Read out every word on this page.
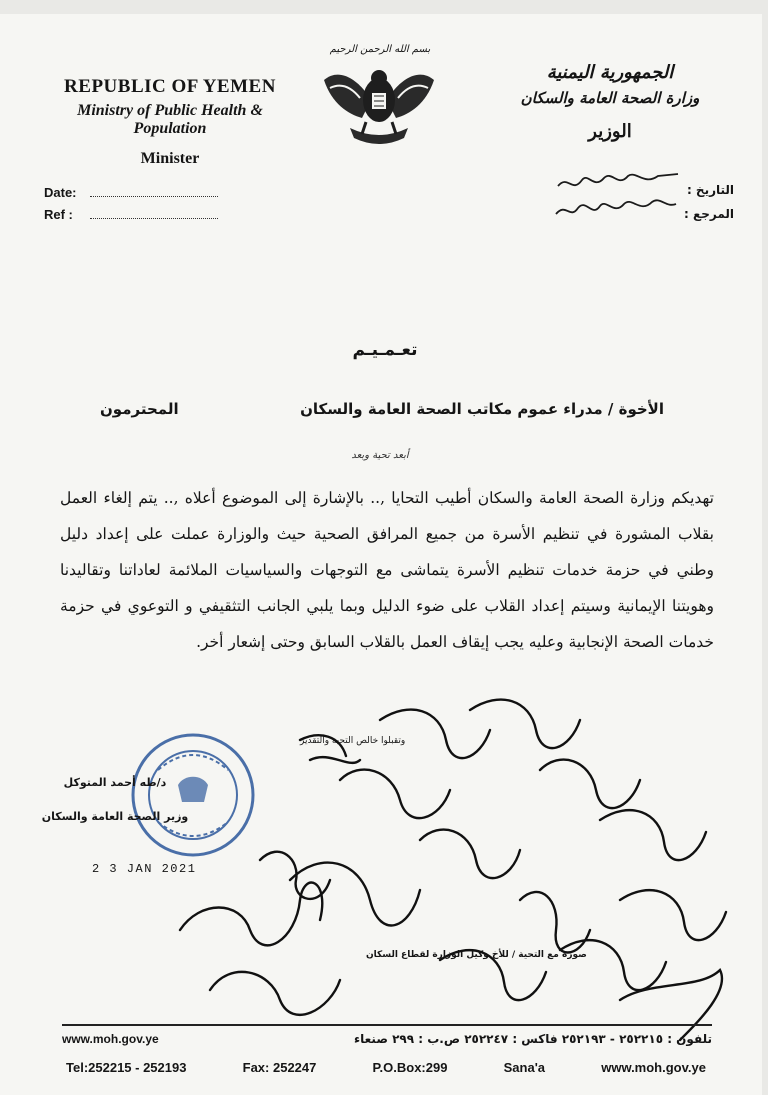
REPUBLIC OF YEMEN
Ministry of Public Health & Population
Minister
بسم الله الرحمن الرحيم
الجمهورية اليمنية
وزارة الصحة العامة والسكان
الوزير
Date:
Ref :
التاريخ :
المرجع :
تعـمـيـم
الأخوة / مدراء عموم مكاتب الصحة العامة والسكان
المحترمون
أبعد تحية وبعد
تهديكم وزارة الصحة العامة والسكان أطيب التحايا ,.. بالإشارة إلى الموضوع أعلاه ,.. يتم إلغاء العمل بقلاب المشورة في تنظيم الأسرة من جميع المرافق الصحية حيث والوزارة عملت على إعداد دليل وطني في حزمة خدمات تنظيم الأسرة يتماشى مع التوجهات والسياسيات الملائمة لعاداتنا وتقاليدنا وهويتنا الإيمانية وسيتم إعداد القلاب على ضوء الدليل وبما يلبي الجانب التثقيفي و التوعوي في حزمة خدمات الصحة الإنجابية وعليه يجب إيقاف العمل بالقلاب السابق وحتى إشعار أخر.
د/طه أحمد المتوكل
وزير الصحة العامة والسكان
وتقبلوا خالص التحية والتقدير
2 3 JAN 2021
صورة مع التحية / للأخ وكيل الوزارة لقطاع السكان
www.moh.gov.ye	تلفون : ٢٥٢٢١٥ - ٢٥٢١٩٣ فاكس : ٢٥٢٢٤٧ ص.ب : ٢٩٩ صنعاء
Tel:252215 - 252193	Fax: 252247	P.O.Box:299	Sana'a	www.moh.gov.ye
